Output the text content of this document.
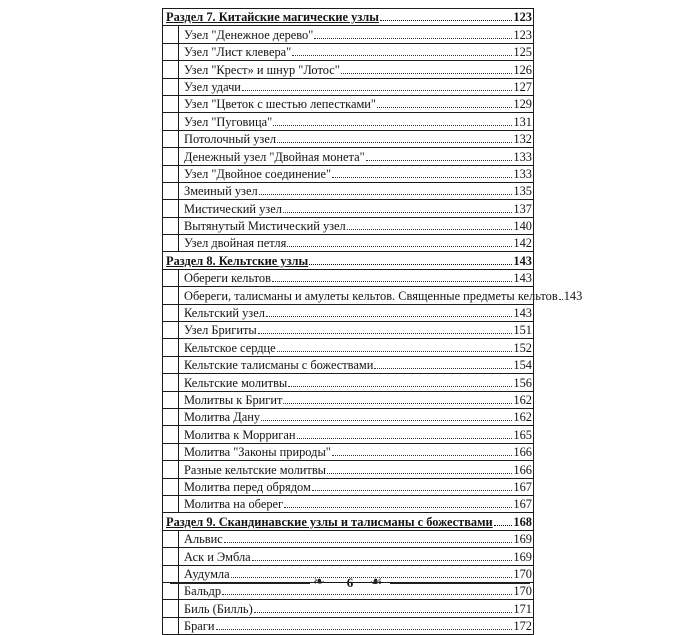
Раздел 7. Китайские магические узлы 123	

	Узел "Денежное дерево" 123

	Узел "Лист клевера" 125

	Узел "Крест» и шнур "Лотос" 126

	Узел удачи 127

	Узел "Цветок с шестью лепестками" 129

	Узел "Пуговица" 131

	Потолочный узел 132

	Денежный узел "Двойная монета" 133

	Узел "Двойное соединение" 133

	Змеиный узел 135

	Мистический узел 137

	Вытянутый Мистический узел 140

	Узел двойная петля 142

Раздел 8. Кельтские узлы 143	

	Обереги кельтов 143

	Обереги, талисманы и амулеты кельтов. Священные предметы кельтов 143

	Кельтский узел 143

	Узел Бригиты 151

	Кельтское сердце 152

	Кельтские талисманы с божествами 154

	Кельтские молитвы 156

	Молитвы к Бригит 162

	Молитва Дану 162

	Молитва к Морриган 165

	Молитва "Законы природы" 166

	Разные кельтские молитвы 166

	Молитва перед обрядом 167

	Молитва на оберег 167

Раздел 9. Скандинавские узлы и талисманы с божествами 168	

	Альвис 169

	Аск и Эмбла 169

	Аудумла 170

	Бальдр 170

	Биль (Билль) 171

	Браги 172
❧	6	☙
